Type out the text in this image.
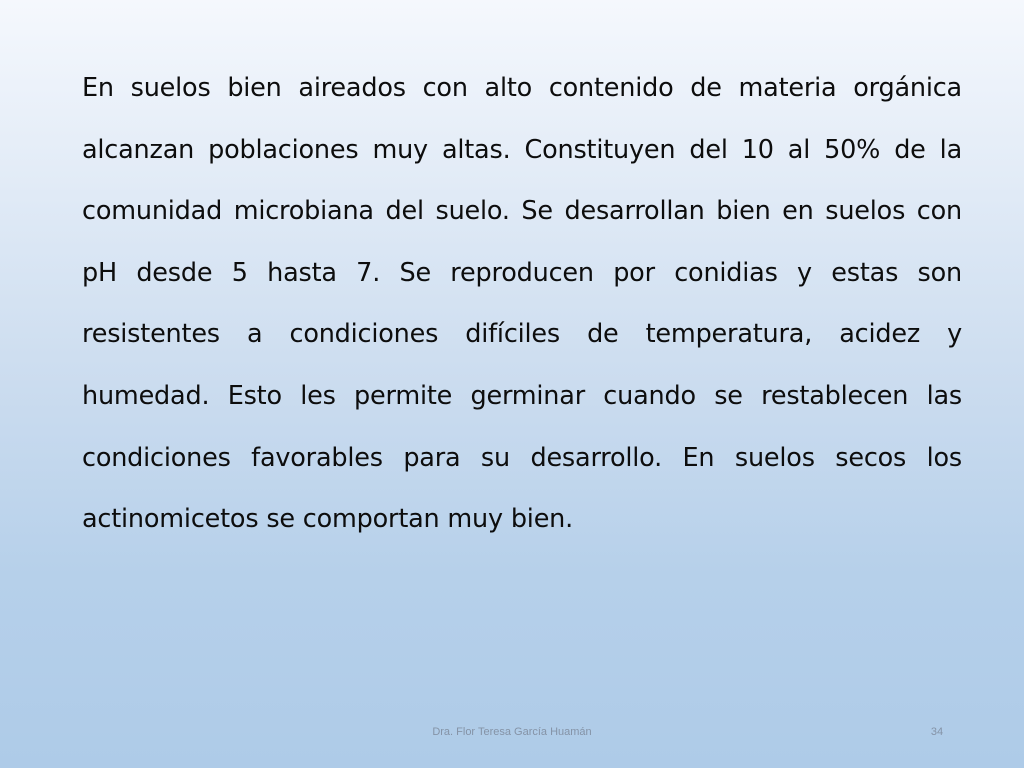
En suelos bien aireados con alto contenido de materia orgánica alcanzan poblaciones muy altas. Constituyen del 10 al 50% de la comunidad microbiana del suelo. Se desarrollan bien en suelos con pH desde 5 hasta 7. Se reproducen por conidias y estas son resistentes a condiciones difíciles de temperatura, acidez y humedad. Esto les permite germinar cuando se restablecen las condiciones favorables para su desarrollo. En suelos secos los actinomicetos se comportan muy bien.

Dra. Flor Teresa García Huamán	34
